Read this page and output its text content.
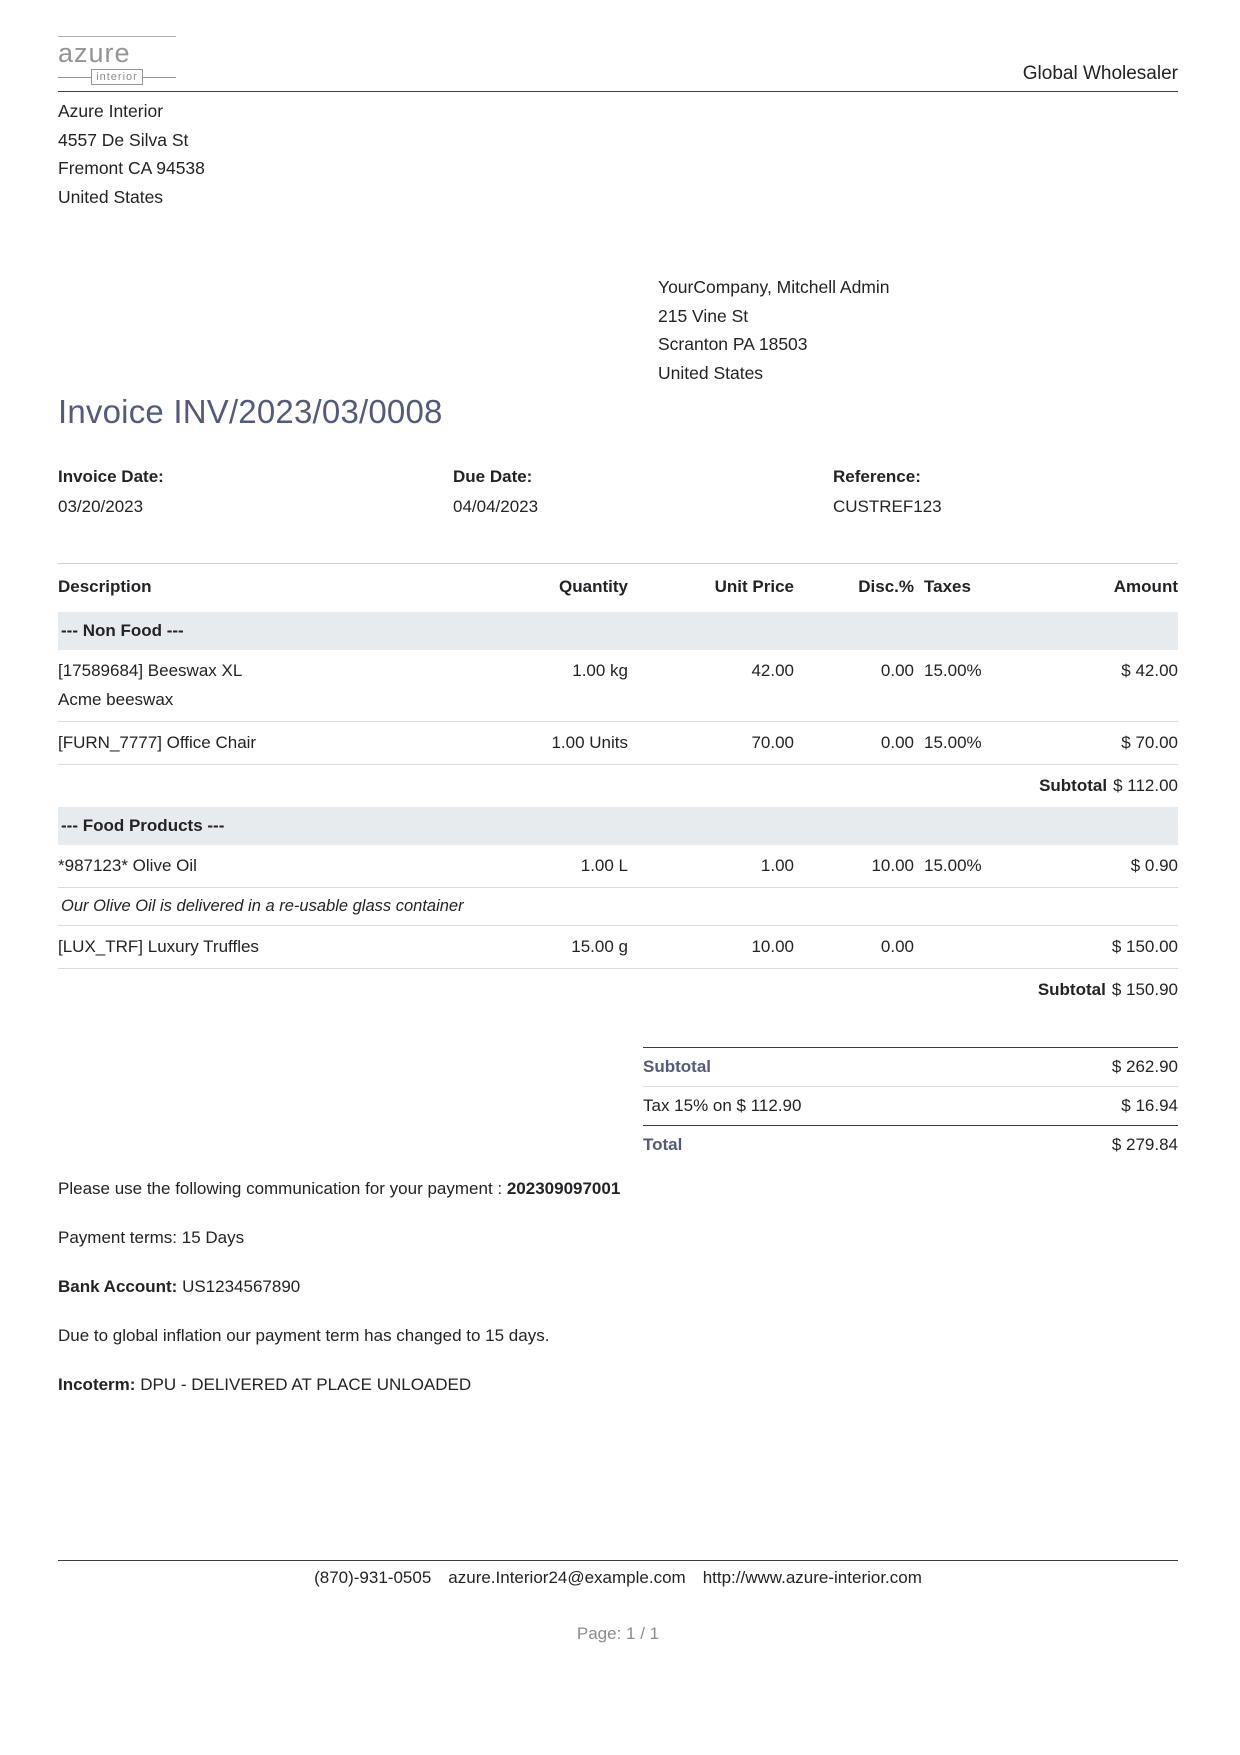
azure
interior	Global Wholesaler
Azure Interior
4557 De Silva St
Fremont CA 94538
United States
YourCompany, Mitchell Admin
215 Vine St
Scranton PA 18503
United States
Invoice INV/2023/03/0008
Invoice Date:
03/20/2023
Due Date:
04/04/2023
Reference:
CUSTREF123
Description	Quantity	Unit Price	Disc.%	Taxes	Amount
--- Non Food ---					

[17589684] Beeswax XL
Acme beeswax	1.00 kg	42.00	0.00	15.00%	$ 42.00
[FURN_7777] Office Chair	1.00 Units	70.00	0.00	15.00%	$ 70.00
Subtotal $ 112.00					
--- Food Products ---					
*987123* Olive Oil	1.00 L	1.00	10.00	15.00%	$ 0.90
Our Olive Oil is delivered in a re-usable glass container					
[LUX_TRF] Luxury Truffles	15.00 g	10.00	0.00		$ 150.00
Subtotal $ 150.90					
Subtotal	$ 262.90
Tax 15% on $ 112.90	$ 16.94
Total	$ 279.84

Please use the following communication for your payment : 202309097001

Payment terms: 15 Days

Bank Account: US1234567890

Due to global inflation our payment term has changed to 15 days.

Incoterm: DPU - DELIVERED AT PLACE UNLOADED

(870)-931-0505 azure.Interior24@example.com http://www.azure-interior.com
Page: 1 / 1
